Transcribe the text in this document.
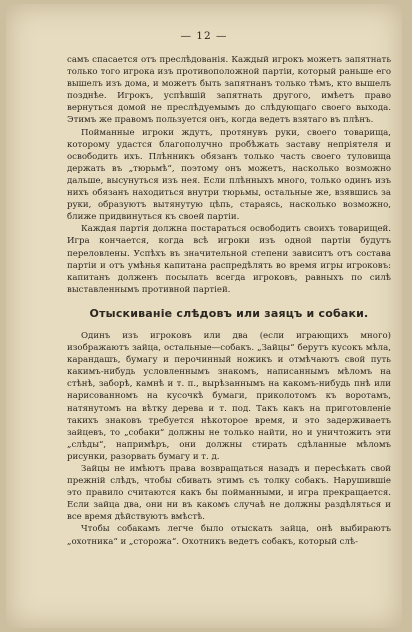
— 12 —

самъ спасается отъ преслѣдованія. Каждый игрокъ можетъ запятнать только того игрока изъ противоположной партіи, который раньше его вышелъ изъ дома, и можетъ быть запятнанъ только тѣмъ, кто вышелъ позднѣе. Игрокъ, успѣвшій запятнать другого, имѣетъ право вернуться домой не преслѣдуемымъ до слѣдующаго своего выхода. Этимъ же правомъ пользуется онъ, когда ведетъ взятаго въ плѣнъ.

Пойманные игроки ждутъ, протянувъ руки, своего товарища, которому удастся благополучно пробѣжать заставу непріятеля и освободить ихъ. Плѣнникъ обязанъ только часть своего туловища держать въ „тюрьмѣ“, поэтому онъ можетъ, насколько возможно дальше, высунуться изъ нея. Если плѣнныхъ много, только одинъ изъ нихъ обязанъ находиться внутри тюрьмы, остальные же, взявшись за руки, образуютъ вытянутую цѣпь, стараясь, насколько возможно, ближе придвинуться къ своей партіи.

Каждая партія должна постараться освободить своихъ товарищей. Игра кончается, когда всѣ игроки изъ одной партіи будутъ переловлены. Успѣхъ въ значительной степени зависитъ отъ состава партіи и отъ умѣнья капитана распредѣлять во время игры игроковъ: капитанъ долженъ посылать всегда игроковъ, равныхъ по силѣ выставленнымъ противной партіей.

Отыскиваніе слѣдовъ или заяцъ и собаки.

Одинъ изъ игроковъ или два (если играющихъ много) изображаютъ зайца, остальные—собакъ. „Зайцы“ берутъ кусокъ мѣла, карандашъ, бумагу и перочинный ножикъ и отмѣчаютъ свой путь какимъ-нибудь условленнымъ знакомъ, написаннымъ мѣломъ на стѣнѣ, заборѣ, камнѣ и т. п., вырѣзаннымъ на какомъ-нибудь пнѣ или нарисованномъ на кусочкѣ бумаги, приколотомъ къ воротамъ, натянутомъ на вѣтку дерева и т. под. Такъ какъ на приготовленіе такихъ знаковъ требуется нѣкоторое время, и это задерживаетъ зайцевъ, то „собаки“ должны не только найти, но и уничтожить эти „слѣды“, напримѣръ, они должны стирать сдѣланные мѣломъ рисунки, разорвать бумагу и т. д.

Зайцы не имѣютъ права возвращаться назадъ и пересѣкать свой прежній слѣдъ, чтобы сбивать этимъ съ толку собакъ. Нарушившіе это правило считаются какъ бы пойманными, и игра прекращается. Если зайца два, они ни въ какомъ случаѣ не должны раздѣляться и все время дѣйствуютъ вмѣстѣ.

Чтобы собакамъ легче было отыскать зайца, онѣ выбираютъ „охотника“ и „сторожа“. Охотникъ ведетъ собакъ, который слѣ-
